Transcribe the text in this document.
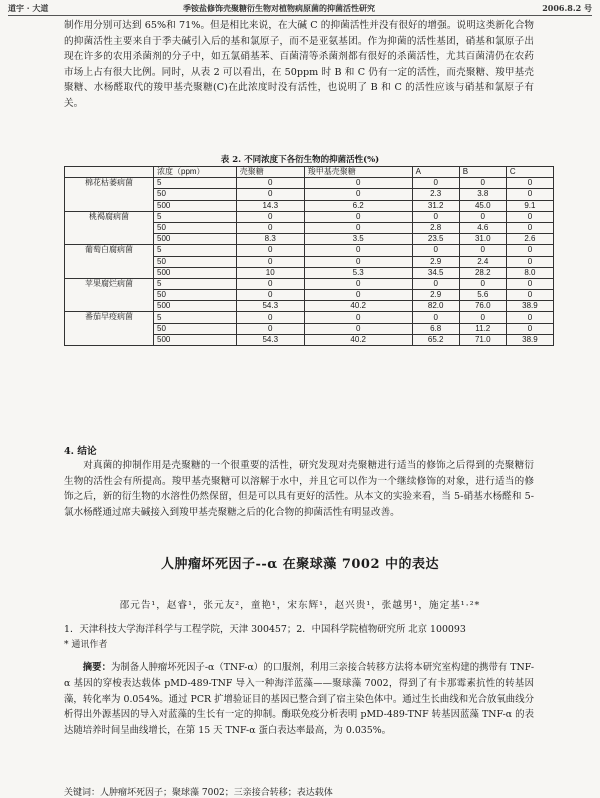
道宇 · 大道	季铵盐修饰壳聚糖衍生物对植物病原菌的抑菌活性研究	2006.8.2 号
制作用分别可达到 65%和 71%。但是相比来说，在大碱 C 的抑菌活性并没有很好的增强。说明这类新化合物的抑菌活性主要来自于季夫碱引入后的基和氯原子，而不是亚氨基团。作为抑菌的活性基团，硝基和氯原子出现在许多的农用杀菌剂的分子中，如五氯硝基苯、百菌清等杀菌剂都有很好的杀菌活性，尤其百菌清仍在农药市场上占有很大比例。同时，从表 2 可以看出，在 50ppm 时 B 和 C 仍有一定的活性，而壳聚糖、羧甲基壳聚糖、水杨醛取代的羧甲基壳聚糖(C)在此浓度时没有活性，也说明了 B 和 C 的活性应该与硝基和氯原子有关。
表 2. 不同浓度下各衍生物的抑菌活性(%)
	浓度（ppm）	壳聚糖	羧甲基壳聚糖	A	B	C
棉花枯萎病菌	5	0	0	0	0	0
	50	0	0	2.3	3.8	0
	500	14.3	6.2	31.2	45.0	9.1
桃褐腐病菌	5	0	0	0	0	0
	50	0	0	2.8	4.6	0
	500	8.3	3.5	23.5	31.0	2.6
葡萄白腐病菌	5	0	0	0	0	0
	50	0	0	2.9	2.4	0
	500	10	5.3	34.5	28.2	8.0
苹果腐烂病菌	5	0	0	0	0	0
	50	0	0	2.9	5.6	0
	500	54.3	40.2	82.0	76.0	38.9
番茄早疫病菌	5	0	0	0	0	0
	50	0	0	6.8	11.2	0
	500	54.3	40.2	65.2	71.0	38.9
4. 结论
对真菌的抑制作用是壳聚糖的一个很重要的活性，研究发现对壳聚糖进行适当的修饰之后得到的壳聚糖衍生物的活性会有所提高。羧甲基壳聚糖可以溶解于水中，并且它可以作为一个继续修饰的对象，进行适当的修饰之后，新的衍生物的水溶性仍然保留，但是可以具有更好的活性。从本文的实验来看，当 5-硝基水杨醛和 5-氯水杨醛通过席夫碱接入到羧甲基壳聚糖之后的化合物的抑菌活性有明显改善。
人肿瘤坏死因子--α 在聚球藻 7002 中的表达
邵元告¹，赵睿¹，张元友²，童艳¹，宋东辉¹，赵兴贵¹，张越男¹，施定基¹·²*
1．天津科技大学海洋科学与工程学院，天津 300457；2．中国科学院植物研究所 北京 100093
* 通讯作者
摘要：为制备人肿瘤坏死因子-α（TNF-α）的口服剂，利用三亲接合转移方法将本研究室构建的携带有 TNF-α 基因的穿梭表达载体 pMD-489-TNF 导入一种海洋蓝藻——聚球藻 7002，得到了有卡那霉素抗性的转基因藻，转化率为 0.054%。通过 PCR 扩增验证目的基因已整合到了宿主染色体中。通过生长曲线和光合放氧曲线分析得出外源基因的导入对蓝藻的生长有一定的抑制。酶联免疫分析表明 pMD-489-TNF 转基因蓝藻 TNF-α 的表达随培养时间呈曲线增长，在第 15 天 TNF-α 蛋白表达率最高，为 0.035%。
关键词：人肿瘤坏死因子；聚球藻 7002；三亲接合转移；表达载体
